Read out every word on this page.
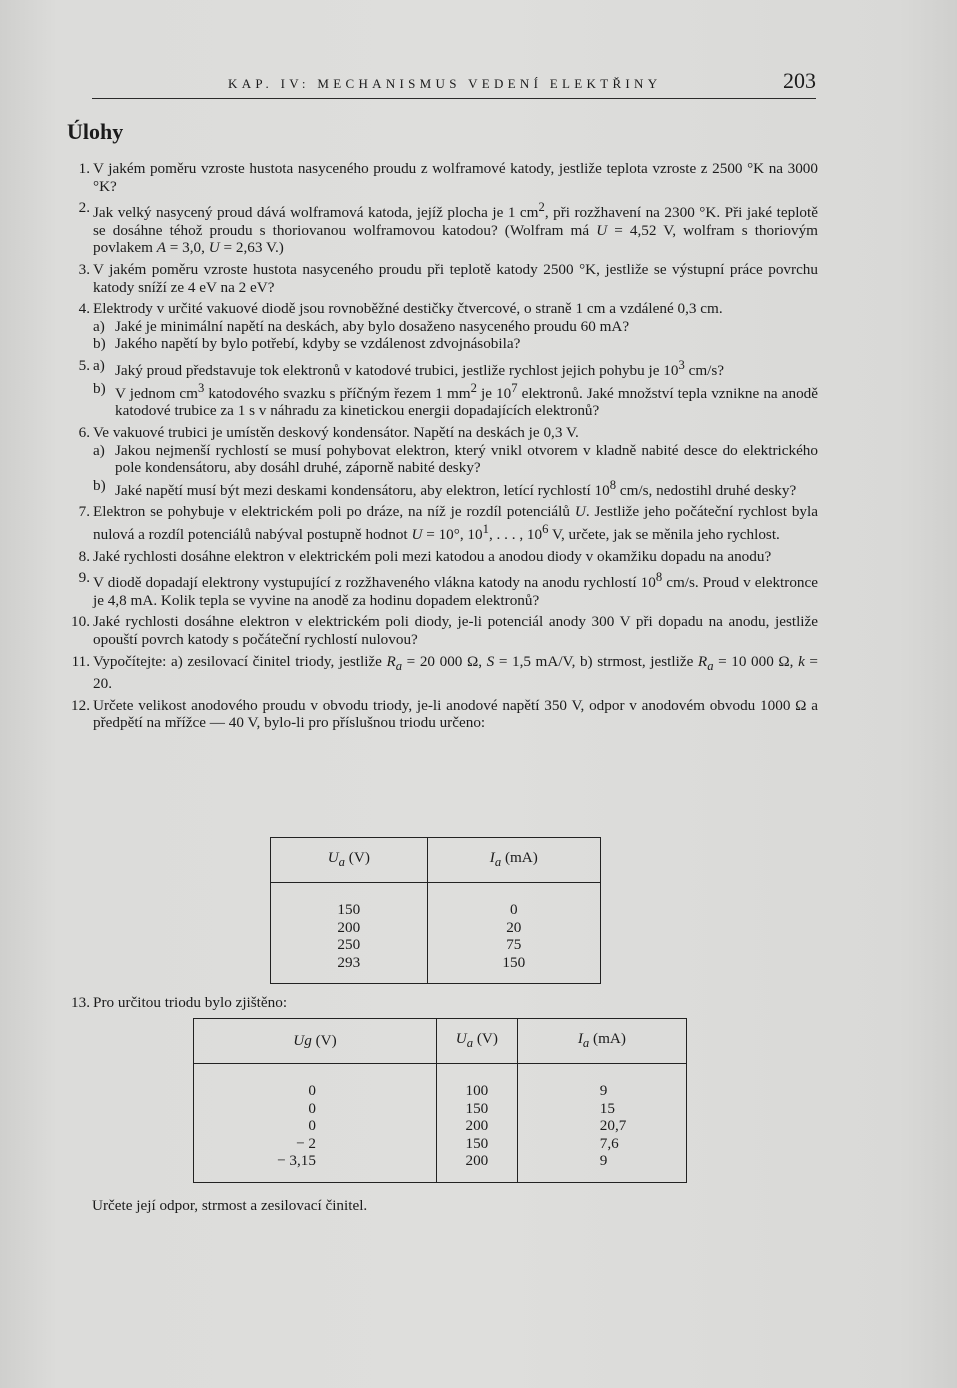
KAP. IV: MECHANISMUS VEDENÍ ELEKTŘINY	203
Úlohy
1. V jakém poměru vzroste hustota nasyceného proudu z wolframové katody, jestliže teplota vzroste z 2500 °K na 3000 °K?
2. Jak velký nasycený proud dává wolframová katoda, jejíž plocha je 1 $cm^2$, při rozžhavení na 2300 °K. Při jaké teplotě se dosáhne téhož proudu s thoriovanou wolframovou katodou? (Wolfram má U = 4,52 V, wolfram s thoriovým povlakem A = 3,0, U = 2,63 V.)
3. V jakém poměru vzroste hustota nasyceného proudu při teplotě katody 2500 °K, jestliže se výstupní práce povrchu katody sníží ze 4 eV na 2 eV?
4. Elektrody v určité vakuové diodě jsou rovnoběžné destičky čtvercové, o straně 1 cm a vzdálené 0,3 cm.
a) Jaké je minimální napětí na deskách, aby bylo dosaženo nasyceného proudu 60 mA?
b) Jakého napětí by bylo potřebí, kdyby se vzdálenost zdvojnásobila?
5. a) Jaký proud představuje tok elektronů v katodové trubici, jestliže rychlost jejich pohybu je $10^3$ cm/s?
b) V jednom $cm^3$ katodového svazku s příčným řezem 1 $mm^2$ je $10^7$ elektronů. Jaké množství tepla vznikne na anodě katodové trubice za 1 s v náhradu za kinetickou energii dopadajících elektronů?
6. Ve vakuové trubici je umístěn deskový kondensátor. Napětí na deskách je 0,3 V.
a) Jakou nejmenší rychlostí se musí pohybovat elektron, který vnikl otvorem v kladně nabité desce do elektrického pole kondensátoru, aby dosáhl druhé, záporně nabité desky?
b) Jaké napětí musí být mezi deskami kondensátoru, aby elektron, letící rychlostí $10^8$ cm/s, nedostihl druhé desky?
7. Elektron se pohybuje v elektrickém poli po dráze, na níž je rozdíl potenciálů U. Jestliže jeho počáteční rychlost byla nulová a rozdíl potenciálů nabýval postupně hodnot U = 10°, $10^1$, . . . , $10^6$ V, určete, jak se měnila jeho rychlost.
8. Jaké rychlosti dosáhne elektron v elektrickém poli mezi katodou a anodou diody v okamžiku dopadu na anodu?
9. V diodě dopadají elektrony vystupující z rozžhaveného vlákna katody na anodu rychlostí $10^8$ cm/s. Proud v elektronce je 4,8 mA. Kolik tepla se vyvine na anodě za hodinu dopadem elektronů?
10. Jaké rychlosti dosáhne elektron v elektrickém poli diody, je-li potenciál anody 300 V při dopadu na anodu, jestliže opouští povrch katody s počáteční rychlostí nulovou?
11. Vypočítejte: a) zesilovací činitel triody, jestliže $R_a = 20$ 000 Ω, S = 1,5 mA/V, b) strmost, jestliže $R_a = 10$ 000 Ω, k = 20.
12. Určete velikost anodového proudu v obvodu triody, je-li anodové napětí 350 V, odpor v anodovém obvodu 1000 Ω a předpětí na mřížce — 40 V, bylo-li pro příslušnou triodu určeno:
$U_a$ (V)	$I_a$ (mA)
150	0
200	20
250	75
293	150
13. Pro určitou triodu bylo zjištěno:
Ug (V)	$U_a$ (V)	$I_a$ (mA)
0	100	9
0	150	15
0	200	20,7
− 2	150	7,6
− 3,15	200	9

Určete její odpor, strmost a zesilovací činitel.
